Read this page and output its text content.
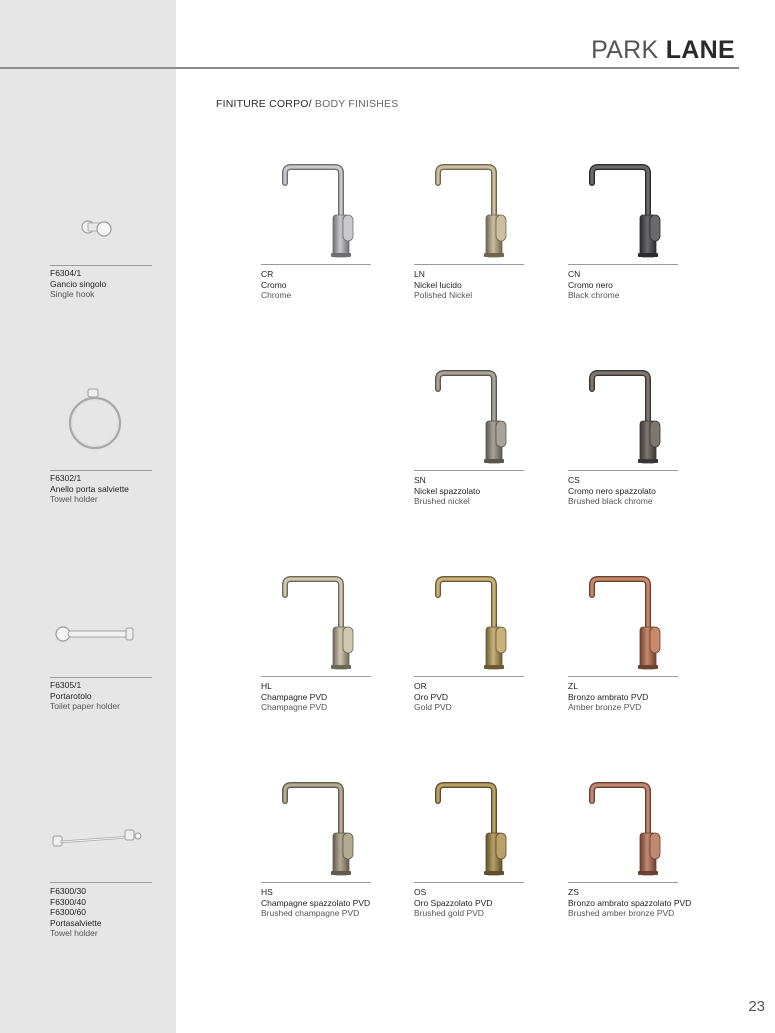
PARK LANE
FINITURE CORPO/ BODY FINISHES
F6304/1
Gancio singolo
Single hook
F6302/1
Anello porta salviette
Towel holder
F6305/1
Portarotolo
Toilet paper holder
F6300/30
F6300/40
F6300/60
Portasalviette
Towel holder
CR
Cromo
Chrome
LN
Nickel lucido
Polished Nickel
CN
Cromo nero
Black chrome
SN
Nickel spazzolato
Brushed nickel
CS
Cromo nero spazzolato
Brushed black chrome
HL
Champagne PVD
Champagne PVD
OR
Oro PVD
Gold PVD
ZL
Bronzo ambrato PVD
Amber bronze PVD
HS
Champagne spazzolato PVD
Brushed champagne PVD
OS
Oro Spazzolato PVD
Brushed gold PVD
ZS
Bronzo ambrato spazzolato PVD
Brushed amber bronze PVD
23
